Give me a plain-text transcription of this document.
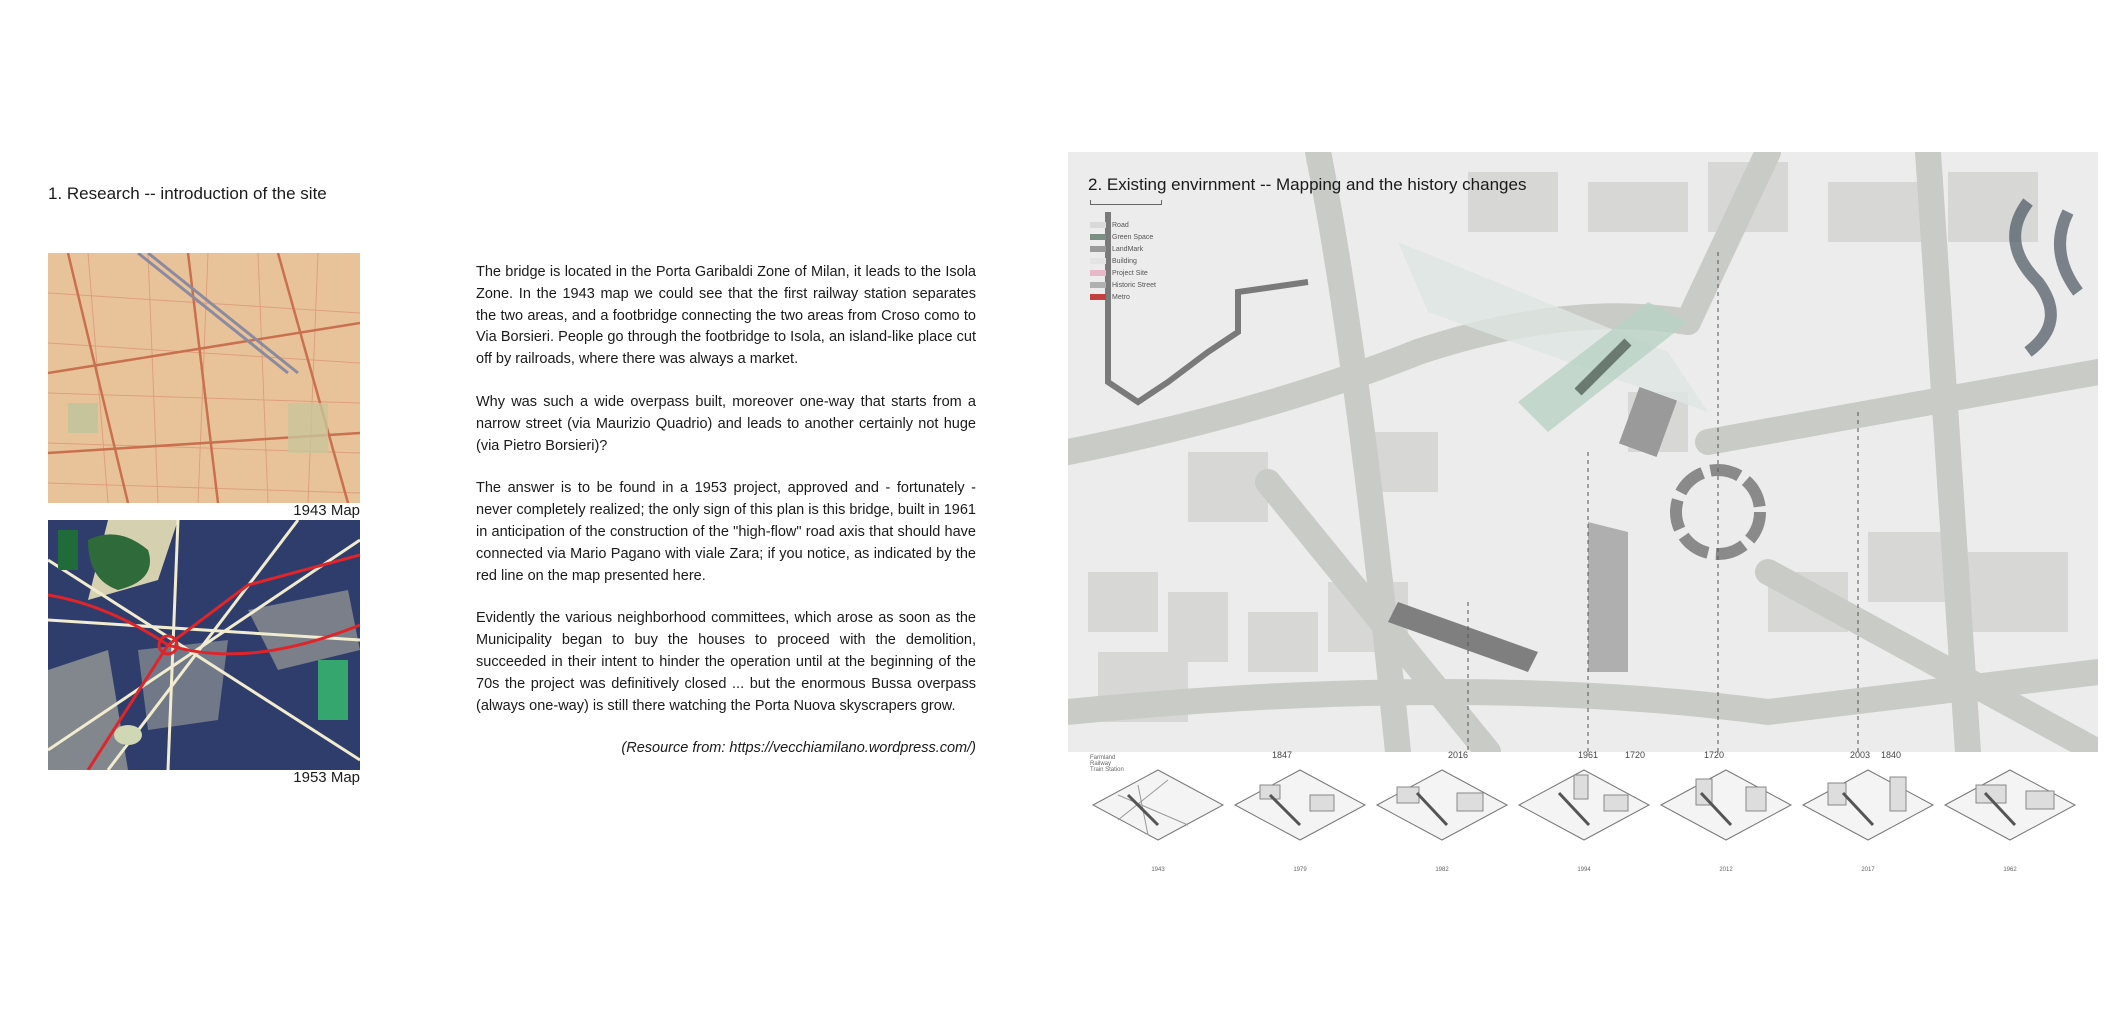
1. Research -- introduction of the site
1943 Map
1953 Map

The bridge is located in the Porta Garibaldi Zone of Milan, it leads to the Isola Zone. In the 1943 map we could see that the first railway station separates the two areas, and a footbridge connecting the two areas from Croso como to Via Borsieri. People go through the footbridge to Isola, an island-like place cut off by railroads, where there was always a market.

Why was such a wide overpass built, moreover one-way that starts from a narrow street (via Maurizio Quadrio) and leads to another certainly not huge (via Pietro Borsieri)?

The answer is to be found in a 1953 project, approved and - fortunately - never completely realized; the only sign of this plan is this bridge, built in 1961 in anticipation of the construction of the "high-flow" road axis that should have connected via Mario Pagano with viale Zara; if you notice, as indicated by the red line on the map presented here.

Evidently the various neighborhood committees, which arose as soon as the Municipality began to buy the houses to proceed with the demolition, succeeded in their intent to hinder the operation until at the beginning of the 70s the project was definitively closed ... but the enormous Bussa overpass (always one-way) is still there watching the Porta Nuova skyscrapers grow.

(Resource from: https://vecchiamilano.wordpress.com/)

2. Existing envirnment -- Mapping and the history changes
Road
Green Space
LandMark
Building
Project Site
Historic Street
Metro
1847	2016	1961	1720	1720	2003 1840
Farmland
Railway
Train Station
1943	1979	1982	1994	2012	2017	1962
